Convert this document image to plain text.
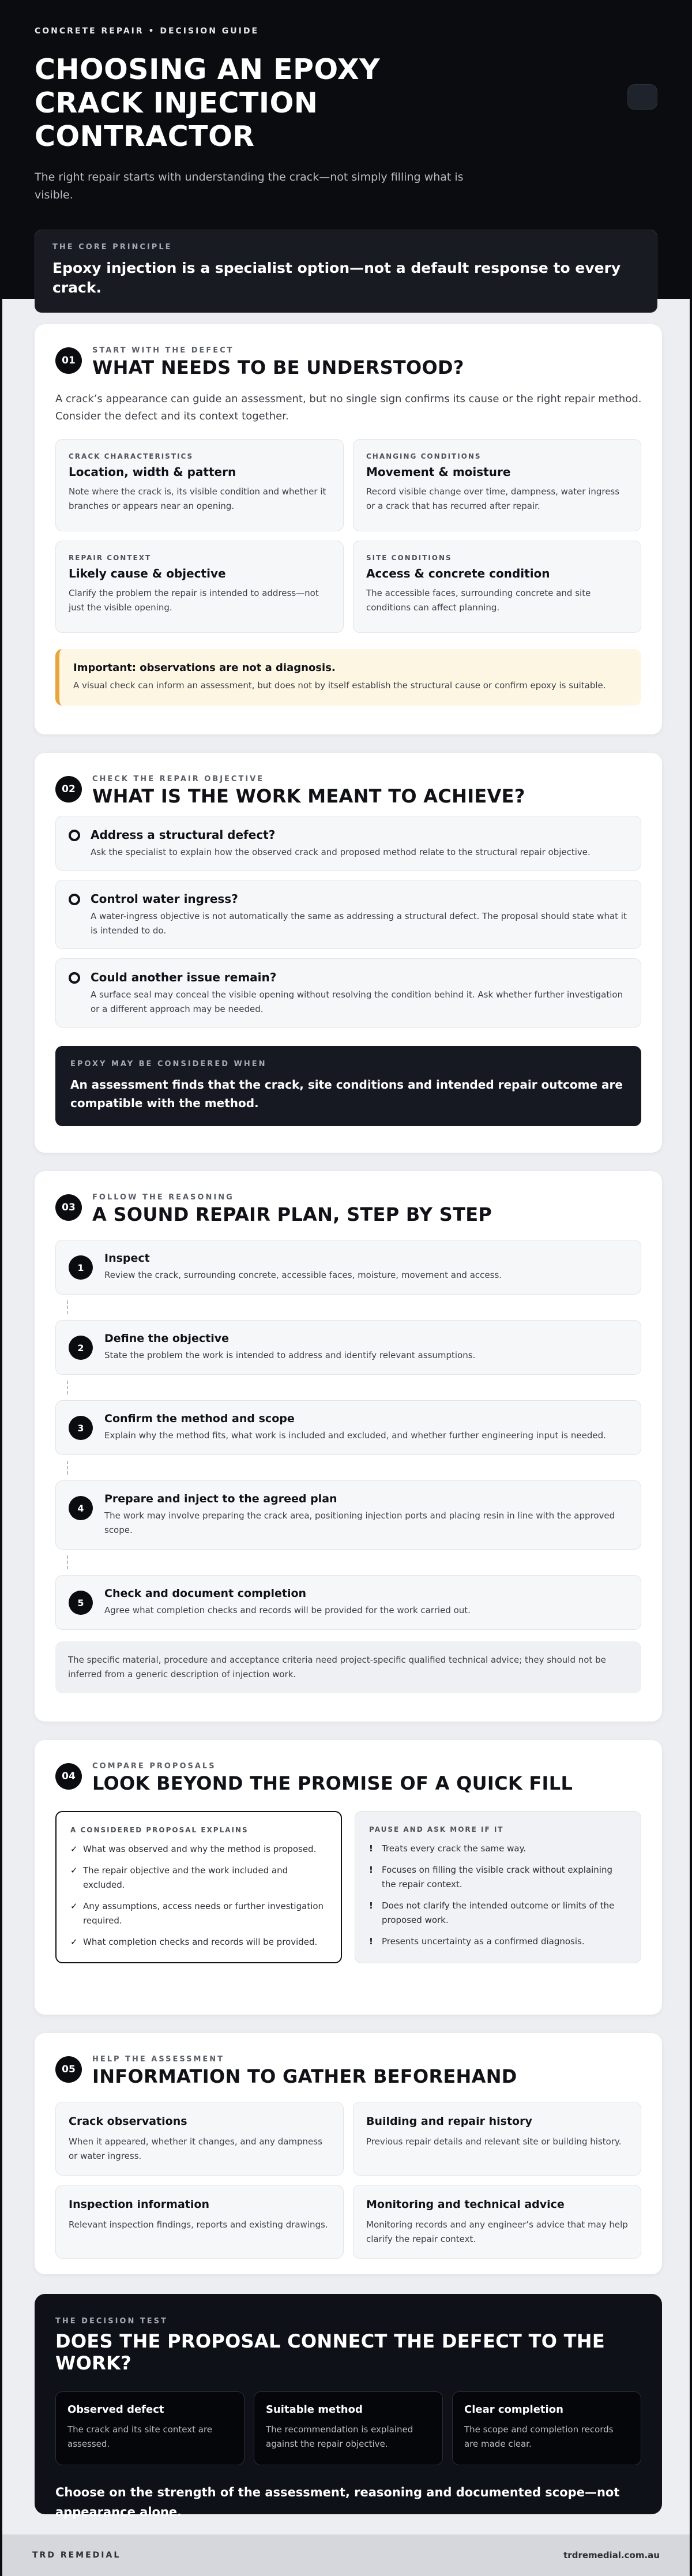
CONCRETE REPAIR • DECISION GUIDE
CHOOSING AN EPOXY CRACK INJECTION CONTRACTOR

The right repair starts with understanding the crack—not simply filling what is visible.

THE CORE PRINCIPLE
Epoxy injection is a specialist option—not a default response to every crack.
01
START WITH THE DEFECT
WHAT NEEDS TO BE UNDERSTOOD?

A crack’s appearance can guide an assessment, but no single sign confirms its cause or the right repair method. Consider the defect and its context together.

CRACK CHARACTERISTICS
Location, width & pattern
Note where the crack is, its visible condition and whether it branches or appears near an opening.
CHANGING CONDITIONS
Movement & moisture
Record visible change over time, dampness, water ingress or a crack that has recurred after repair.
REPAIR CONTEXT
Likely cause & objective
Clarify the problem the repair is intended to address—not just the visible opening.
SITE CONDITIONS
Access & concrete condition
The accessible faces, surrounding concrete and site conditions can affect planning.
Important: observations are not a diagnosis.
A visual check can inform an assessment, but does not by itself establish the structural cause or confirm epoxy is suitable.
02
CHECK THE REPAIR OBJECTIVE
WHAT IS THE WORK MEANT TO ACHIEVE?
Address a structural defect?
Ask the specialist to explain how the observed crack and proposed method relate to the structural repair objective.
Control water ingress?
A water-ingress objective is not automatically the same as addressing a structural defect. The proposal should state what it is intended to do.
Could another issue remain?
A surface seal may conceal the visible opening without resolving the condition behind it. Ask whether further investigation or a different approach may be needed.
EPOXY MAY BE CONSIDERED WHEN
An assessment finds that the crack, site conditions and intended repair outcome are compatible with the method.
03
FOLLOW THE REASONING
A SOUND REPAIR PLAN, STEP BY STEP
1
Inspect
Review the crack, surrounding concrete, accessible faces, moisture, movement and access.
2
Define the objective
State the problem the work is intended to address and identify relevant assumptions.
3
Confirm the method and scope
Explain why the method fits, what work is included and excluded, and whether further engineering input is needed.
4
Prepare and inject to the agreed plan
The work may involve preparing the crack area, positioning injection ports and placing resin in line with the approved scope.
5
Check and document completion
Agree what completion checks and records will be provided for the work carried out.
The specific material, procedure and acceptance criteria need project-specific qualified technical advice; they should not be inferred from a generic description of injection work.
04
COMPARE PROPOSALS
LOOK BEYOND THE PROMISE OF A QUICK FILL
A CONSIDERED PROPOSAL EXPLAINS
✓ What was observed and why the method is proposed.
✓ The repair objective and the work included and excluded.
✓ Any assumptions, access needs or further investigation required.
✓ What completion checks and records will be provided.
PAUSE AND ASK MORE IF IT
!	Treats every crack the same way.
!	Focuses on filling the visible crack without explaining the repair context.
!	Does not clarify the intended outcome or limits of the proposed work.
!	Presents uncertainty as a confirmed diagnosis.
05
HELP THE ASSESSMENT
INFORMATION TO GATHER BEFOREHAND
Crack observations
When it appeared, whether it changes, and any dampness or water ingress.
Building and repair history
Previous repair details and relevant site or building history.
Inspection information
Relevant inspection findings, reports and existing drawings.
Monitoring and technical advice
Monitoring records and any engineer’s advice that may help clarify the repair context.
THE DECISION TEST
DOES THE PROPOSAL CONNECT THE DEFECT TO THE WORK?
Observed defect
The crack and its site context are assessed.
Suitable method
The recommendation is explained against the repair objective.
Clear completion
The scope and completion records are made clear.
Choose on the strength of the assessment, reasoning and documented scope—not appearance alone.
TRD REMEDIAL	trdremedial.com.au
